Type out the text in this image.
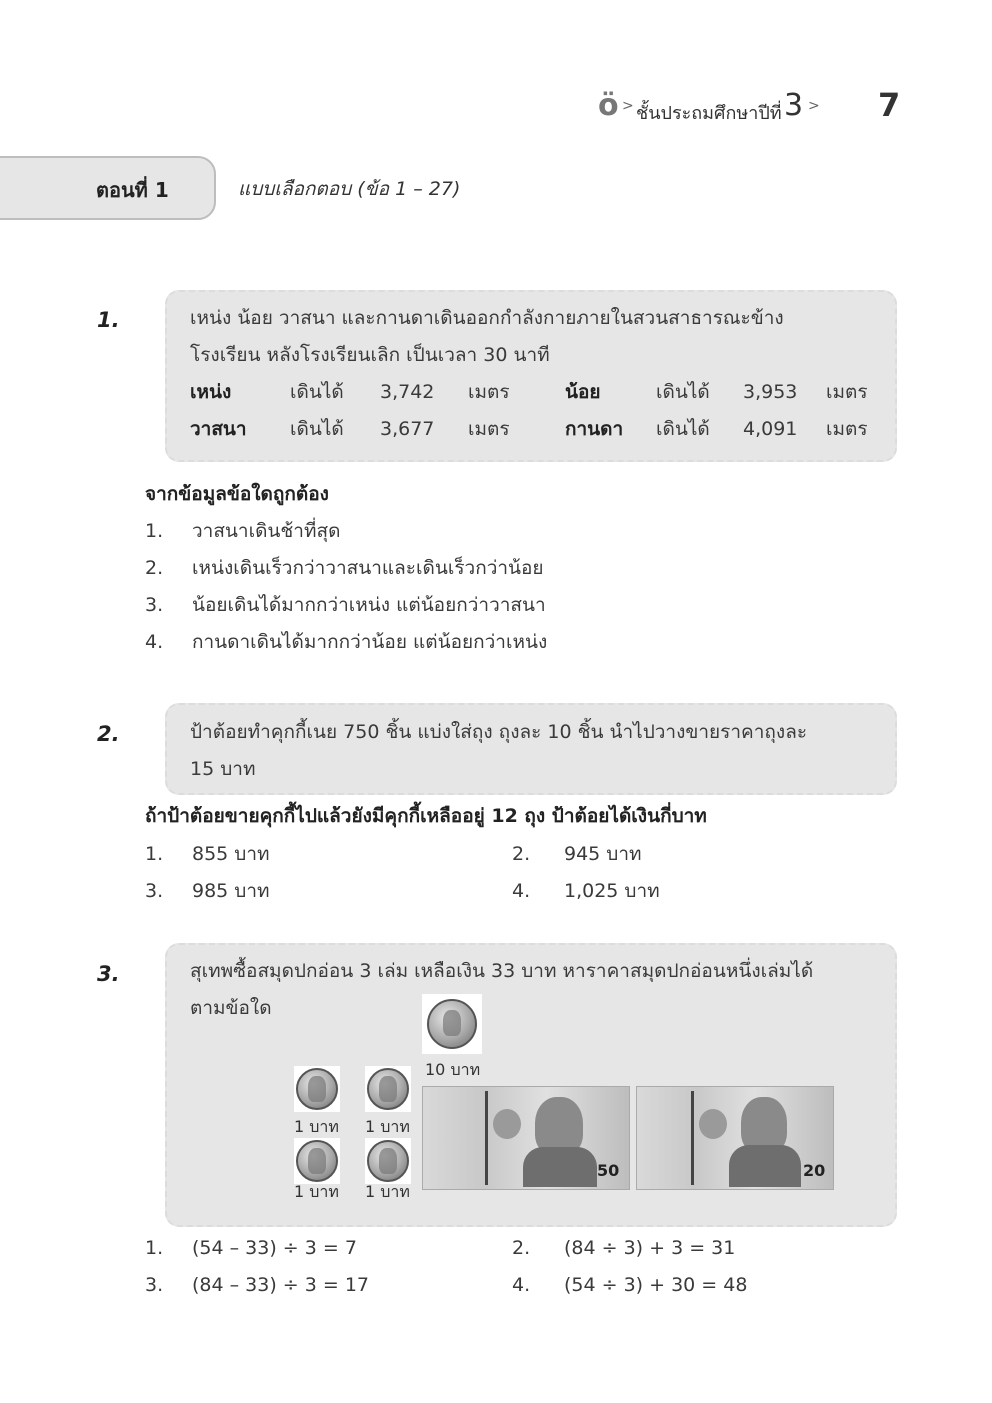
ö > ชั้นประถมศึกษาปีที่ 3 > 7
ตอนที่ 1	แบบเลือกตอบ (ข้อ 1 – 27)
1.	เหน่ง น้อย วาสนา และกานดาเดินออกกำลังกายภายในสวนสาธารณะข้าง
โรงเรียน หลังโรงเรียนเลิก เป็นเวลา 30 นาที
เหน่ง	เดินได้ 3,742 เมตร	น้อย	เดินได้ 3,953 เมตร
วาสนา เดินได้ 3,677 เมตร	กานดา เดินได้ 4,091 เมตร
จากข้อมูลข้อใดถูกต้อง
1. วาสนาเดินช้าที่สุด
2. เหน่งเดินเร็วกว่าวาสนาและเดินเร็วกว่าน้อย
3. น้อยเดินได้มากกว่าเหน่ง แต่น้อยกว่าวาสนา
4. กานดาเดินได้มากกว่าน้อย แต่น้อยกว่าเหน่ง
2.	ป้าต้อยทำคุกกี้เนย 750 ชิ้น แบ่งใส่ถุง ถุงละ 10 ชิ้น นำไปวางขายราคาถุงละ
15 บาท
ถ้าป้าต้อยขายคุกกี้ไปแล้วยังมีคุกกี้เหลืออยู่ 12 ถุง ป้าต้อยได้เงินกี่บาท
1. 855 บาท	2. 945 บาท
3. 985 บาท	4. 1,025 บาท
3.	สุเทพซื้อสมุดปกอ่อน 3 เล่ม เหลือเงิน 33 บาท หาราคาสมุดปกอ่อนหนึ่งเล่มได้
ตามข้อใด
10 บาท
1 บาท 1 บาท
1 บาท 1 บาท
50	20
1. (54 – 33) ÷ 3 = 7	2. (84 ÷ 3) + 3 = 31
3. (84 – 33) ÷ 3 = 17	4. (54 ÷ 3) + 30 = 48
